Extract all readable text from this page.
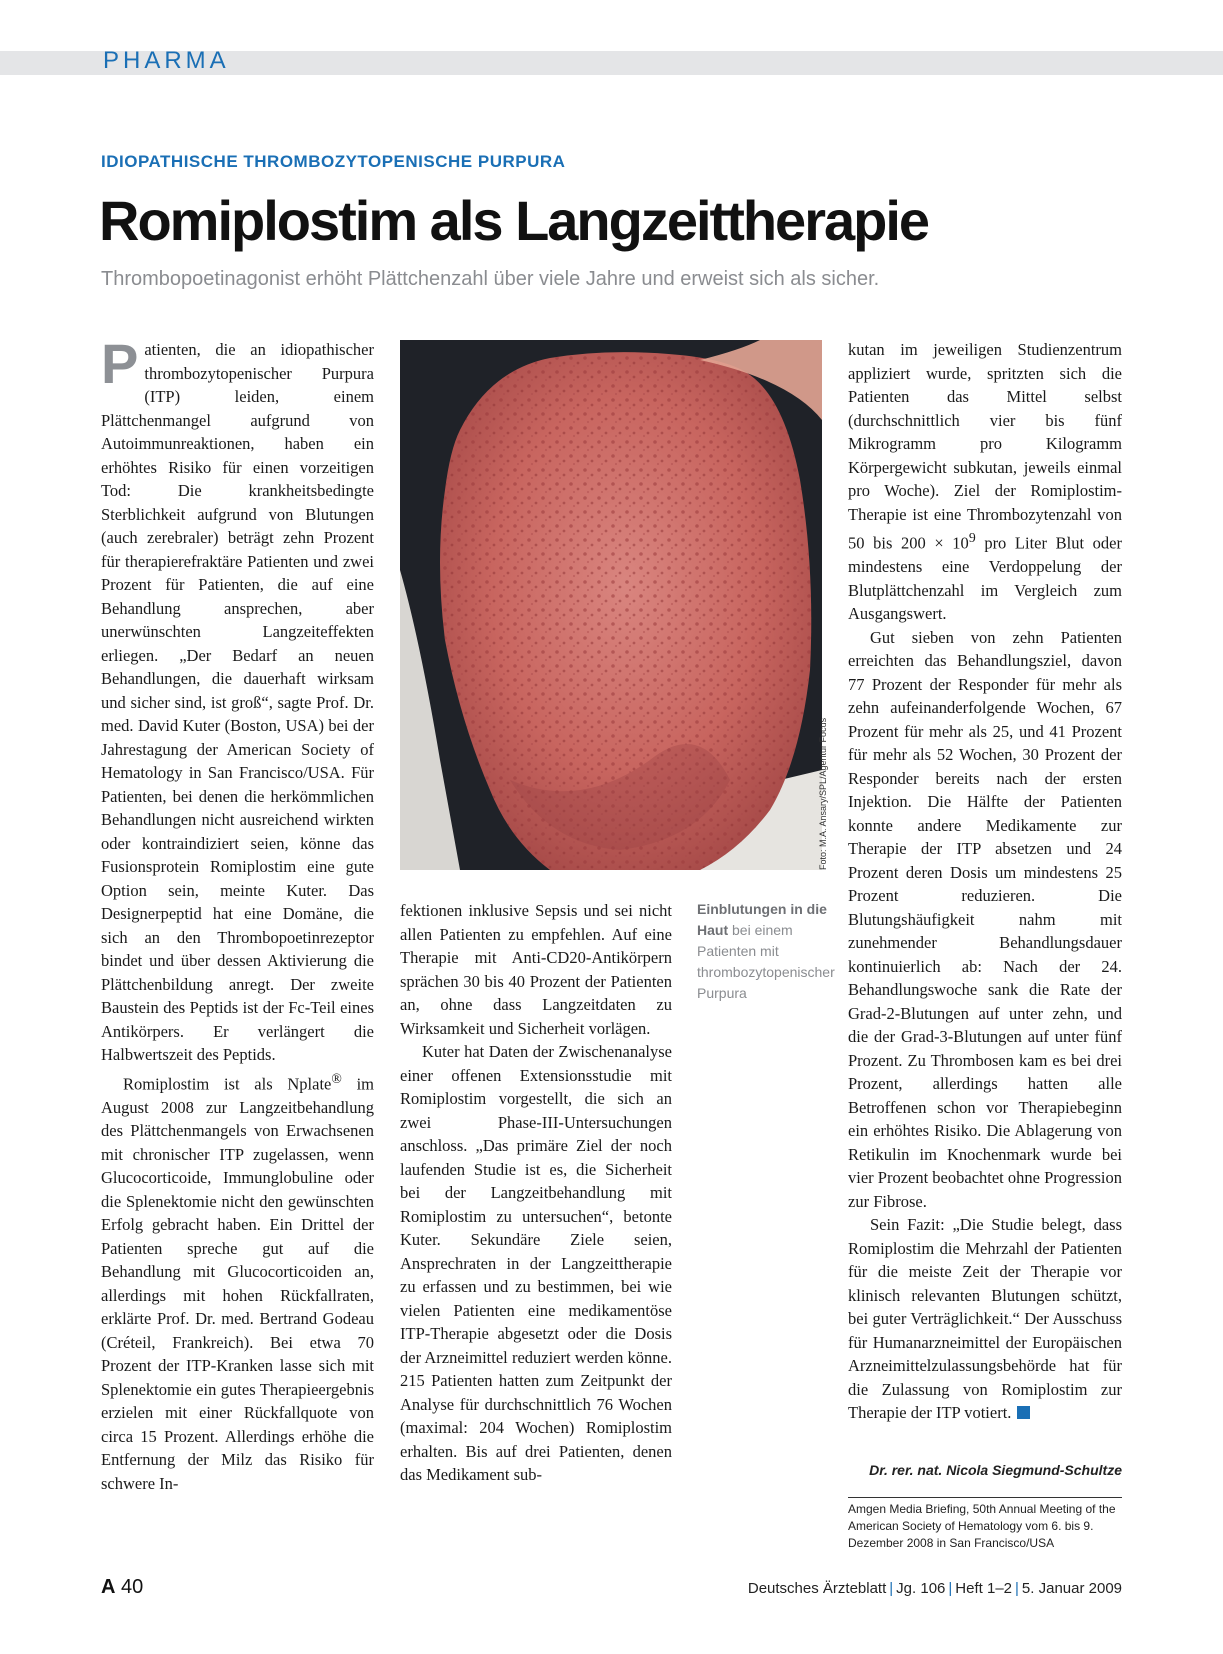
PHARMA
IDIOPATHISCHE THROMBOZYTOPENISCHE PURPURA
Romiplostim als Langzeittherapie
Thrombopoetinagonist erhöht Plättchenzahl über viele Jahre und erweist sich als sicher.

Patienten, die an idiopathischer thrombozytopenischer Purpura (ITP) leiden, einem Plättchenmangel aufgrund von Autoimmunreaktionen, haben ein erhöhtes Risiko für einen vorzeitigen Tod: Die krankheitsbedingte Sterblichkeit aufgrund von Blutungen (auch zerebraler) beträgt zehn Prozent für therapierefraktäre Patienten und zwei Prozent für Patienten, die auf eine Behandlung ansprechen, aber unerwünschten Langzeiteffekten erliegen. „Der Bedarf an neuen Behandlungen, die dauerhaft wirksam und sicher sind, ist groß“, sagte Prof. Dr. med. David Kuter (Boston, USA) bei der Jahrestagung der American Society of Hematology in San Francisco/USA. Für Patienten, bei denen die herkömmlichen Behandlungen nicht ausreichend wirkten oder kontraindiziert seien, könne das Fusionsprotein Romiplostim eine gute Option sein, meinte Kuter. Das Designerpeptid hat eine Domäne, die sich an den Thrombopoetinrezeptor bindet und über dessen Aktivierung die Plättchenbildung anregt. Der zweite Baustein des Peptids ist der Fc-Teil eines Antikörpers. Er verlängert die Halbwertszeit des Peptids.

Romiplostim ist als Nplate® im August 2008 zur Langzeitbehandlung des Plättchenmangels von Erwachsenen mit chronischer ITP zugelassen, wenn Glucocorticoide, Immunglobuline oder die Splenektomie nicht den gewünschten Erfolg gebracht haben. Ein Drittel der Patienten spreche gut auf die Behandlung mit Glucocorticoiden an, allerdings mit hohen Rückfallraten, erklärte Prof. Dr. med. Bertrand Godeau (Créteil, Frankreich). Bei etwa 70 Prozent der ITP-Kranken lasse sich mit Splenektomie ein gutes Therapieergebnis erzielen mit einer Rückfallquote von circa 15 Prozent. Allerdings erhöhe die Entfernung der Milz das Risiko für schwere In-

Foto: M.A. Ansary/SPL/Agentur Focus

fektionen inklusive Sepsis und sei nicht allen Patienten zu empfehlen. Auf eine Therapie mit Anti-CD20-Antikörpern sprächen 30 bis 40 Prozent der Patienten an, ohne dass Langzeitdaten zu Wirksamkeit und Sicherheit vorlägen.

Kuter hat Daten der Zwischenanalyse einer offenen Extensionsstudie mit Romiplostim vorgestellt, die sich an zwei Phase-III-Untersuchungen anschloss. „Das primäre Ziel der noch laufenden Studie ist es, die Sicherheit bei der Langzeitbehandlung mit Romiplostim zu untersuchen“, betonte Kuter. Sekundäre Ziele seien, Ansprechraten in der Langzeittherapie zu erfassen und zu bestimmen, bei wie vielen Patienten eine medikamentöse ITP-Therapie abgesetzt oder die Dosis der Arzneimittel reduziert werden könne. 215 Patienten hatten zum Zeitpunkt der Analyse für durchschnittlich 76 Wochen (maximal: 204 Wochen) Romiplostim erhalten. Bis auf drei Patienten, denen das Medikament sub-

Einblutungen in die Haut bei einem Patienten mit thrombozytopenischer Purpura

kutan im jeweiligen Studienzentrum appliziert wurde, spritzten sich die Patienten das Mittel selbst (durchschnittlich vier bis fünf Mikrogramm pro Kilogramm Körpergewicht subkutan, jeweils einmal pro Woche). Ziel der Romiplostim-Therapie ist eine Thrombozytenzahl von 50 bis $200 \times 10^9$ pro Liter Blut oder mindestens eine Verdoppelung der Blutplättchenzahl im Vergleich zum Ausgangswert.

Gut sieben von zehn Patienten erreichten das Behandlungsziel, davon 77 Prozent der Responder für mehr als zehn aufeinanderfolgende Wochen, 67 Prozent für mehr als 25, und 41 Prozent für mehr als 52 Wochen, 30 Prozent der Responder bereits nach der ersten Injektion. Die Hälfte der Patienten konnte andere Medikamente zur Therapie der ITP absetzen und 24 Prozent deren Dosis um mindestens 25 Prozent reduzieren. Die Blutungshäufigkeit nahm mit zunehmender Behandlungsdauer kontinuierlich ab: Nach der 24. Behandlungswoche sank die Rate der Grad-2-Blutungen auf unter zehn, und die der Grad-3-Blutungen auf unter fünf Prozent. Zu Thrombosen kam es bei drei Prozent, allerdings hatten alle Betroffenen schon vor Therapiebeginn ein erhöhtes Risiko. Die Ablagerung von Retikulin im Knochenmark wurde bei vier Prozent beobachtet ohne Progression zur Fibrose.

Sein Fazit: „Die Studie belegt, dass Romiplostim die Mehrzahl der Patienten für die meiste Zeit der Therapie vor klinisch relevanten Blutungen schützt, bei guter Verträglichkeit.“ Der Ausschuss für Humanarzneimittel der Europäischen Arzneimittelzulassungsbehörde hat für die Zulassung von Romiplostim zur Therapie der ITP votiert.

Dr. rer. nat. Nicola Siegmund-Schultze
Amgen Media Briefing, 50th Annual Meeting of the American Society of Hematology vom 6. bis 9. Dezember 2008 in San Francisco/USA
A 40	Deutsches Ärzteblatt | Jg. 106 | Heft 1–2 | 5. Januar 2009
